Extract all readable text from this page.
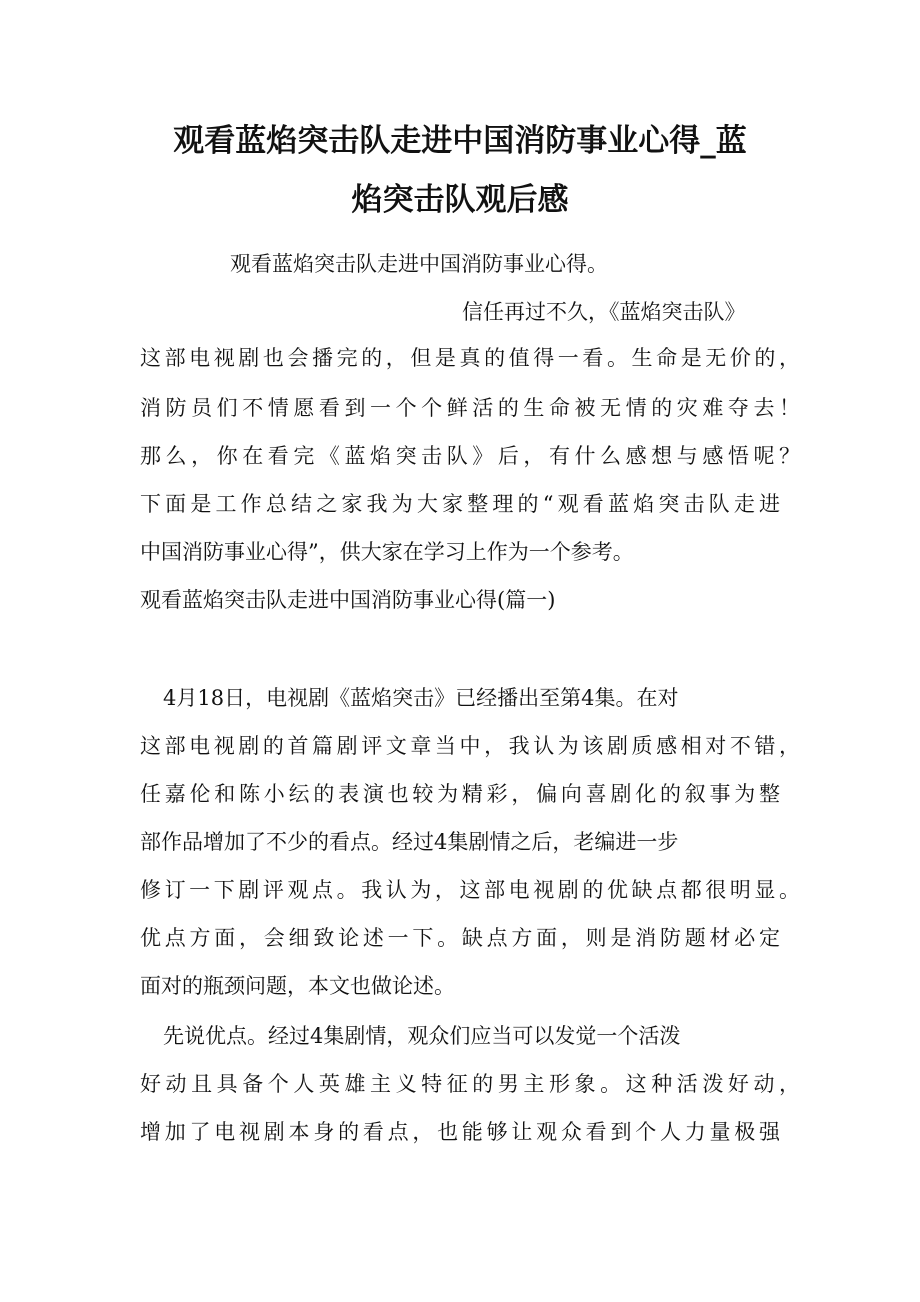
观看蓝焰突击队走进中国消防事业心得_蓝
焰突击队观后感

观看蓝焰突击队走进中国消防事业心得。

信任再过不久，《蓝焰突击队》

这部电视剧也会播完的，但是真的值得一看。生命是无价的，

消防员们不情愿看到一个个鲜活的生命被无情的灾难夺去！

那么，你在看完《蓝焰突击队》后，有什么感想与感悟呢？

下面是工作总结之家我为大家整理的“观看蓝焰突击队走进

中国消防事业心得”，供大家在学习上作为一个参考。

观看蓝焰突击队走进中国消防事业心得(篇一)

4月18日，电视剧《蓝焰突击》已经播出至第4集。在对

这部电视剧的首篇剧评文章当中，我认为该剧质感相对不错，

任嘉伦和陈小纭的表演也较为精彩，偏向喜剧化的叙事为整

部作品增加了不少的看点。经过4集剧情之后，老编进一步

修订一下剧评观点。我认为，这部电视剧的优缺点都很明显。

优点方面，会细致论述一下。缺点方面，则是消防题材必定

面对的瓶颈问题，本文也做论述。

先说优点。经过4集剧情，观众们应当可以发觉一个活泼

好动且具备个人英雄主义特征的男主形象。这种活泼好动，

增加了电视剧本身的看点，也能够让观众看到个人力量极强
